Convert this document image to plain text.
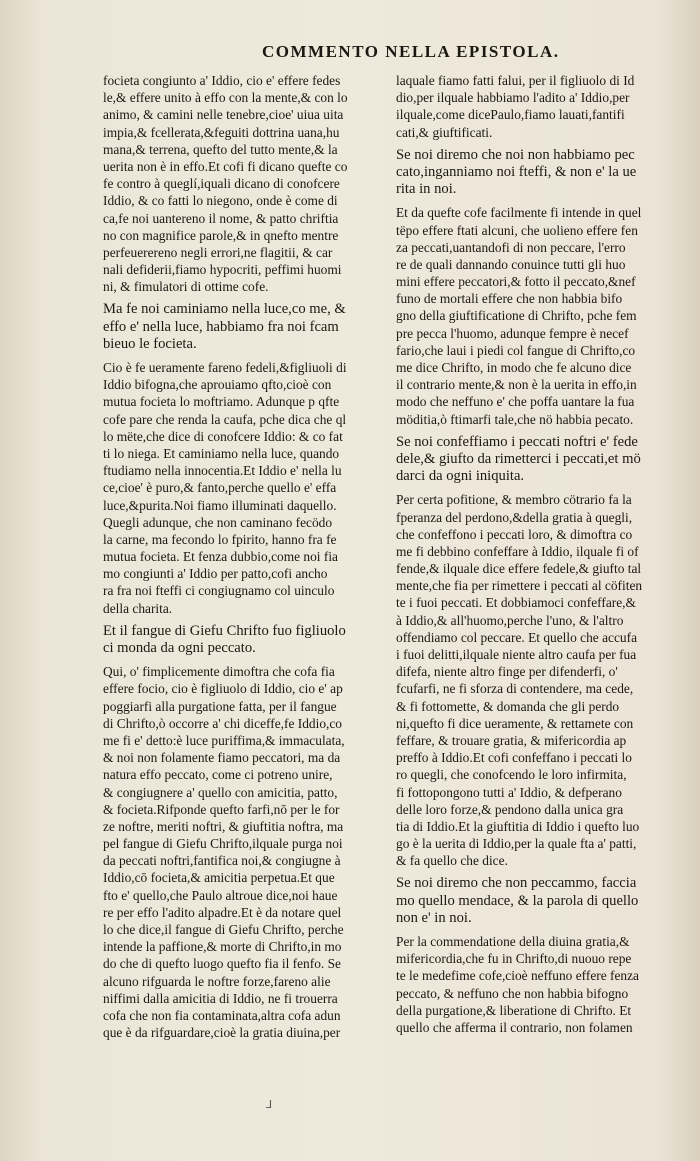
COMMENTO NELLA EPISTOLA.
focieta congiunto a' Iddio, cio e' effere fedes
le,& effere unito à effo con la mente,& con lo
animo, & camini nelle tenebre,cioe' uiua uita
impia,& fcellerata,&feguiti dottrina uana,hu
mana,& terrena, quefto del tutto mente,& la
uerita non è in effo.Et cofi fi dicano quefte co
fe contro à queglí,iquali dicano di conofcere
Iddio, & co fatti lo niegono, onde è come di
ca,fe noi uantereno il nome, & patto chriftia
no con magnifice parole,& in qnefto mentre
perfeuerereno negli errori,ne flagitii, & car
nali defiderii,fiamo hypocriti, peffimi huomi
ni, & fimulatori di ottime cofe.
Ma fe noi caminiamo nella luce,co me, &
effo e' nella luce, habbiamo fra noi fcam
bieuo le focieta.
Cio è fe ueramente fareno fedeli,&figliuoli di
Iddio bifogna,che aprouiamo qfto,cioè con
mutua focieta lo moftriamo. Adunque p qfte
cofe pare che renda la caufa, pche dica che ql
lo mëte,che dice di conofcere Iddio: & co fat
ti lo niega. Et caminiamo nella luce, quando
ftudiamo nella innocentia.Et Iddio e' nella lu
ce,cioe' è puro,& fanto,perche quello e' effa
luce,&purita.Noi fiamo illuminati daquello.
Quegli adunque, che non caminano fecödo
la carne, ma fecondo lo fpirito, hanno fra fe
mutua focieta. Et fenza dubbio,come noi fia
mo congiunti a' Iddio per patto,cofi ancho
ra fra noi fteffi ci congiugnamo col uinculo
della charita.
Et il fangue di Giefu Chrifto fuo figliuolo
ci monda da ogni peccato.
Qui, o' fimplicemente dimoftra che cofa fia
effere focio, cio è figliuolo di Iddio, cio e' ap
poggiarfi alla purgatione fatta, per il fangue
di Chrifto,ò occorre a' chi diceffe,fe Iddio,co
me fi e' detto:è luce puriffima,& immaculata,
& noi non folamente fiamo peccatori, ma da
natura effo peccato, come ci potreno unire,
& congiugnere a' quello con amicitia, patto,
& focieta.Rifponde quefto farfi,nō per le for
ze noftre, meriti noftri, & giuftitia noftra, ma
pel fangue di Giefu Chrifto,ilquale purga noi
da peccati noftri,fantifica noi,& congiugne à
Iddio,cō focieta,& amicitia perpetua.Et que
fto e' quello,che Paulo altroue dice,noi haue
re per effo l'adito alpadre.Et è da notare quel
lo che dice,il fangue di Giefu Chrifto, perche
intende la paffione,& morte di Chrifto,in mo
do che di quefto luogo quefto fia il fenfo. Se
alcuno rifguarda le noftre forze,fareno alie
niffimi dalla amicitia di Iddio, ne fi trouerra
cofa che non fia contaminata,altra cofa adun
que è da rifguardare,cioè la gratia diuina,per
laquale fiamo fatti falui, per il figliuolo di Id
dio,per ilquale habbiamo l'adito a' Iddio,per
ilquale,come dicePaulo,fiamo lauati,fantifi
cati,& giuftificati.
Se noi diremo che noi non habbiamo pec
cato,inganniamo noi fteffi, & non e' la ue
rita in noi.
Et da quefte cofe facilmente fi intende in quel
tëpo effere ftati alcuni, che uolieno effere fen
za peccati,uantandofi di non peccare, l'erro
re de quali dannando conuince tutti gli huo
mini effere peccatori,& fotto il peccato,&nef
funo de mortali effere che non habbia bifo
gno della giuftificatione di Chrifto, pche fem
pre pecca l'huomo, adunque fempre è necef
fario,che laui i piedi col fangue di Chrifto,co
me dice Chrifto, in modo che fe alcuno dice
il contrario mente,& non è la uerita in effo,in
modo che neffuno e' che poffa uantare la fua
möditia,ò ftimarfi tale,che nö habbia pecato.
Se noi confeffiamo i peccati noftri e' fede
dele,& giufto da rimetterci i peccati,et mö
darci da ogni iniquita.
Per certa pofitione, & membro cötrario fa la
fperanza del perdono,&della gratia à quegli,
che confeffono i peccati loro, & dimoftra co
me fi debbino confeffare à Iddio, ilquale fi of
fende,& ilquale dice effere fedele,& giufto tal
mente,che fia per rimettere i peccati al cöfiten
te i fuoi peccati. Et dobbiamoci confeffare,&
à Iddio,& all'huomo,perche l'uno, & l'altro
offendiamo col peccare. Et quello che accufa
i fuoi delitti,ilquale niente altro caufa per fua
difefa, niente altro finge per difenderfi, o'
fcufarfi, ne fi sforza di contendere, ma cede,
& fi fottomette, & domanda che gli perdo
ni,quefto fi dice ueramente, & rettamete con
feffare, & trouare gratia, & mifericordia ap
preffo à Iddio.Et cofi confeffano i peccati lo
ro quegli, che conofcendo le loro infirmita,
fi fottopongono tutti a' Iddio, & defperano
delle loro forze,& pendono dalla unica gra
tia di Iddio.Et la giuftitia di Iddio i quefto luo
go è la uerita di Iddio,per la quale fta a' patti,
& fa quello che dice.
Se noi diremo che non peccammo, faccia
mo quello mendace, & la parola di quello
non e' in noi.
Per la commendatione della diuina gratia,&
mifericordia,che fu in Chrifto,di nuouo repe
te le medefime cofe,cioè neffuno effere fenza
peccato, & neffuno che non habbia bifogno
della purgatione,& liberatione di Chrifto. Et
quello che afferma il contrario, non folamen
⅃
